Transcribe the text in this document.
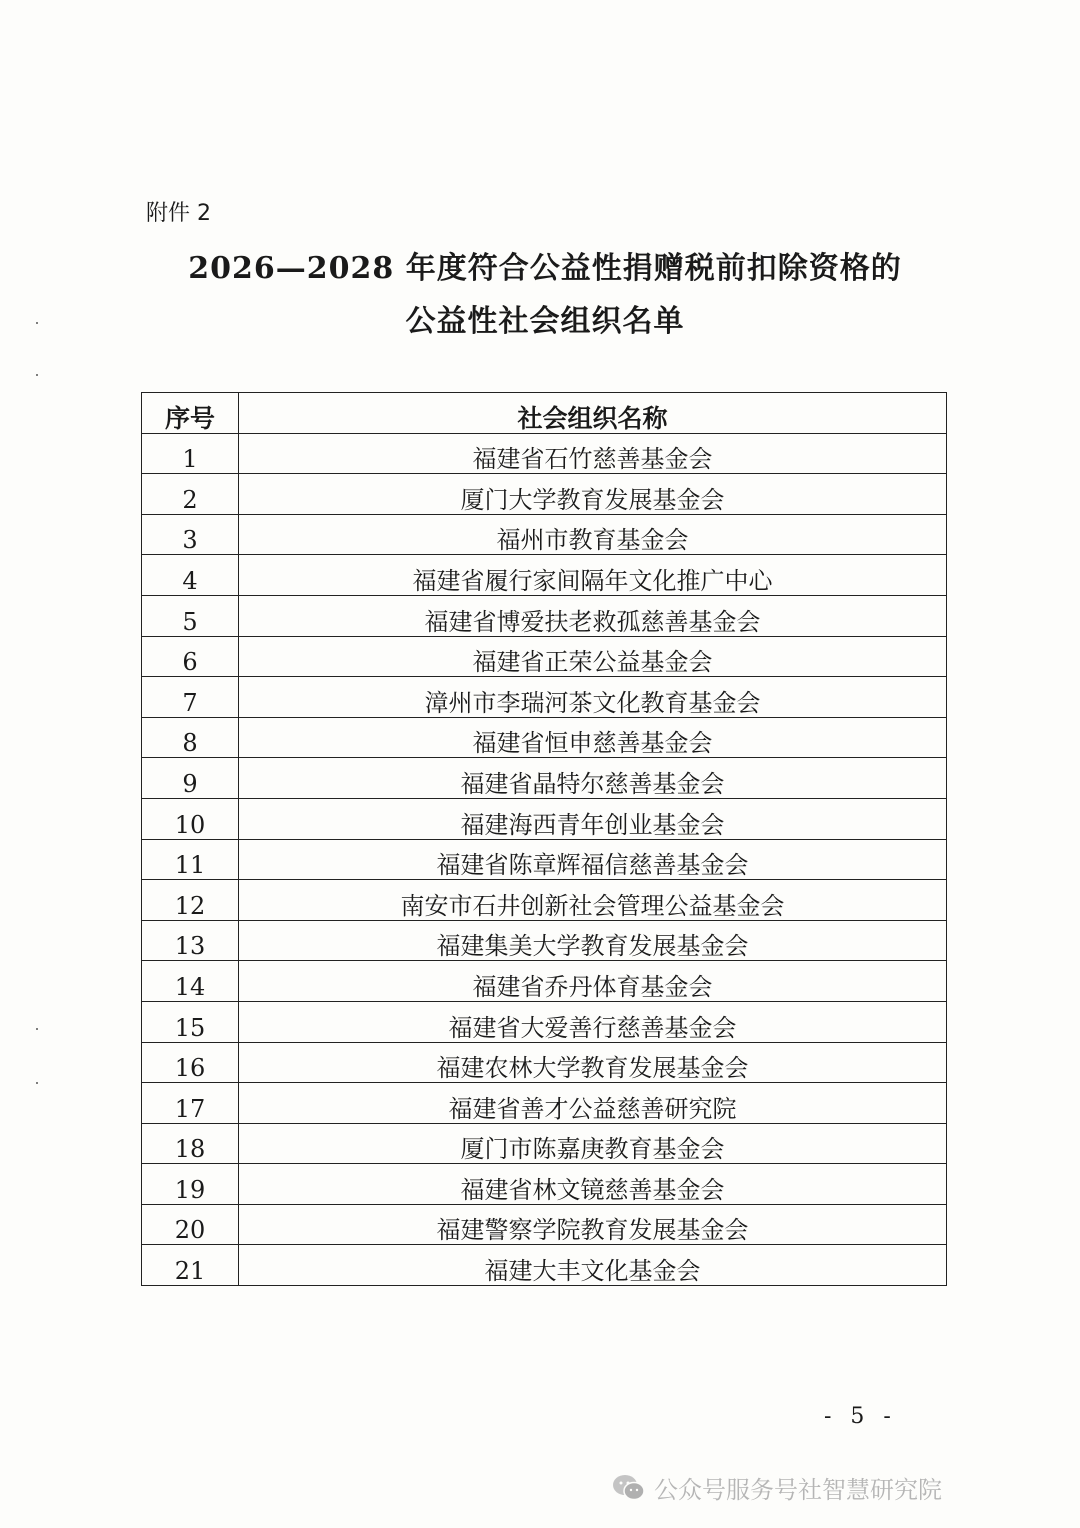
附件 2
2026—2028 年度符合公益性捐赠税前扣除资格的
公益性社会组织名单
序号	社会组织名称
1	福建省石竹慈善基金会
2	厦门大学教育发展基金会
3	福州市教育基金会
4	福建省履行家间隔年文化推广中心
5	福建省博爱扶老救孤慈善基金会
6	福建省正荣公益基金会
7	漳州市李瑞河茶文化教育基金会
8	福建省恒申慈善基金会
9	福建省晶特尔慈善基金会
10	福建海西青年创业基金会
11	福建省陈章辉福信慈善基金会
12	南安市石井创新社会管理公益基金会
13	福建集美大学教育发展基金会
14	福建省乔丹体育基金会
15	福建省大爱善行慈善基金会
16	福建农林大学教育发展基金会
17	福建省善才公益慈善研究院
18	厦门市陈嘉庚教育基金会
19	福建省林文镜慈善基金会
20	福建警察学院教育发展基金会
21	福建大丰文化基金会
- 5 -
公众号服务号社智慧研究院
